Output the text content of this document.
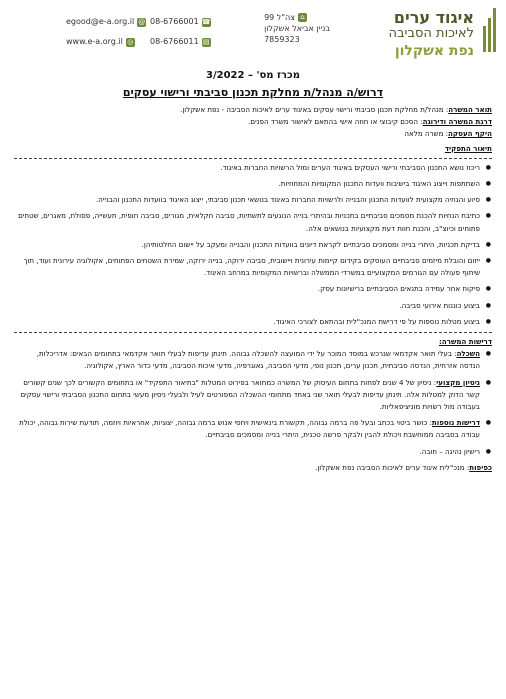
איגוד ערים
לאיכות הסביבה
נפת אשקלון
⌂
צה"ל 99
בניין אביאל אשקלון
7859323
08-6766001 ☎
08-6766011 ▤
egood@e-a.org.il @
www.e-a.org.il ◎
מכרז מס' – 3/2022
דרוש/ה מנהל/ת מחלקת תכנון סביבתי ורישוי עסקים

תואר המשרה: מנהל/ת מחלקת תכנון סביבתי ורישוי עסקים באיגוד ערים לאיכות הסביבה - נפת אשקלון.

דרגת המשרה ודירוגה: הסכם קיבוצי או חוזה אישי בהתאם לאישור משרד הפנים.

היקף העסקה: משרה מלאה

תיאור התפקיד

● ריכוז נושא התכנון הסביבתי ורישוי העסקים באיגוד הערים ומול הרשויות החברות באיגוד.
● השתתפות וייצוג האיגוד בישיבות וועדות התכנון המקומיות והמחוזיות.
● סיוע והנחיה מקצועית לוועדות התכנון והבנייה ולרשויות החברות באיגוד בנושאי תכנון סביבתי, ייצוג האיגוד בוועדות התכנון והבנייה.
● כתיבת הנחיות להכנת מסמכים סביבתיים בתכניות ובהיתרי בנייה הנוגעים לתשתיות, סביבה חקלאית, מגורים, סביבה חופית, תעשייה, פסולת, מאגרים, שטחים פתוחים וכיוצ"ב, והכנת חוות דעת מקצועיות בנושאים אלה.
● בדיקת תכניות, היתרי בנייה ומסמכים סביבתיים לקראת דיונים בוועדות התכנון והבנייה ומעקב על יישום החלטותיהן.
● ייזום והובלת מיזמים סביבתיים העוסקים בקידום קיימות עירונית ויישובית, סביבה ירוקה, בנייה ירוקה, שמירת השטחים הפתוחים, אקולוגיה עירונית ועוד, תוך שיתוף פעולה עם הגורמים המקצועיים במשרדי הממשלה וברשויות המקומיות במרחב האיגוד.
● פיקוח אחר עמידה בתנאים הסביבתיים ברישיונות עסק.
● ביצוע כוננות אירועי סביבה.
● ביצוע מטלות נוספות על פי דרישת המנכ"לית ובהתאם לצורכי האיגוד.

דרישות המשרה:

● השכלה: בעלי תואר אקדמאי שנרכש במוסד המוכר על ידי המועצה להשכלה גבוהה. תינתן עדיפות לבעלי תואר אקדמאי בתחומים הבאים: אדריכלות, הנדסה אזרחית, הנדסה סביבתית, תכנון ערים, תכנון נופי, מדעי הסביבה, גאוגרפיה, מדעי איכות הסביבה, מדעי כדור הארץ, אקולוגיה.
● ניסיון מקצועי: ניסיון של 4 שנים לפחות בתחום העיסוק של המשרה כמתואר בפירוט המטלות "בתיאור התפקיד" או בתחומים הקשורים לכך שנים קשורים קשר הדוק למטלות אלה. תינתן עדיפות לבעלי תואר שני באחד מתחומי ההשכלה המפורטים לעיל ולבעלי ניסיון מעשי בתחום התכנון הסביבתי ורישוי עסקים בעבודה מול רשויות מוניציפאליות.
● דרישות נוספות: כושר ביטוי בכתב ובעל פה ברמה גבוהה, תקשורת בינאישית ויחסי אנוש ברמה גבוהה, יצוגיות, אחראיות ויוזמה, תודעת שירות גבוהה, יכולת עבודה בסביבה ממוחשבת ויכולת להבין ולבקר פרשה טכנית, היתרי בנייה ומסמכים סביבתיים.
● רישיון נהיגה – חובה.

כפיפות: מנכ"לית איגוד ערים לאיכות הסביבה נפת אשקלון.
